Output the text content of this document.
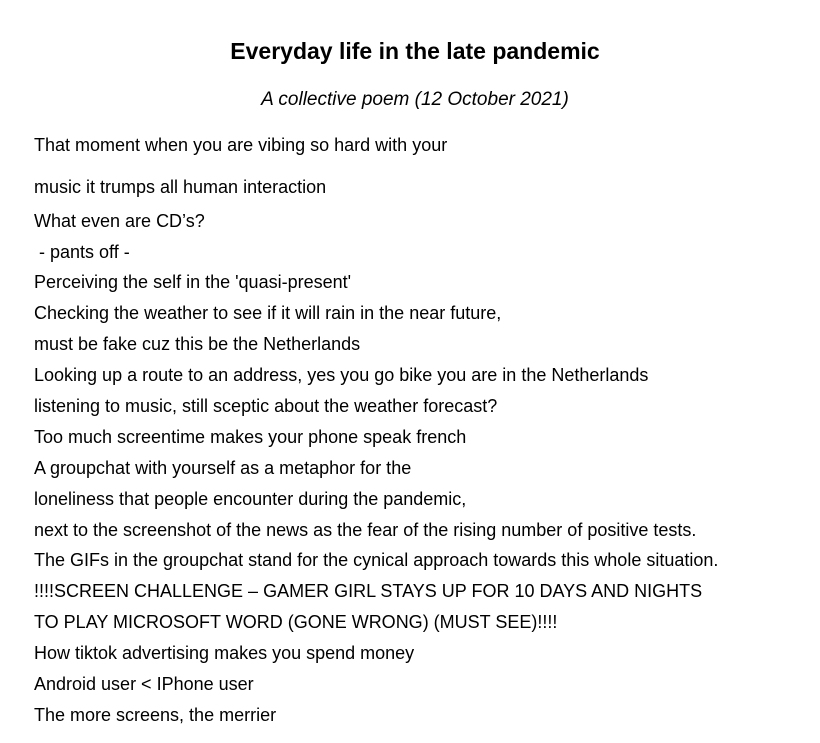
Everyday life in the late pandemic
A collective poem (12 October 2021)
That moment when you are vibing so hard with your
music it trumps all human interaction
What even are CD’s?
- pants off -
Perceiving the self in the 'quasi-present'
Checking the weather to see if it will rain in the near future,
must be fake cuz this be the Netherlands
Looking up a route to an address, yes you go bike you are in the Netherlands
listening to music, still sceptic about the weather forecast?
Too much screentime makes your phone speak french
A groupchat with yourself as a metaphor for the
loneliness that people encounter during the pandemic,
next to the screenshot of the news as the fear of the rising number of positive tests.
The GIFs in the groupchat stand for the cynical approach towards this whole situation.
!!!!SCREEN CHALLENGE – GAMER GIRL STAYS UP FOR 10 DAYS AND NIGHTS
TO PLAY MICROSOFT WORD (GONE WRONG) (MUST SEE)!!!!
How tiktok advertising makes you spend money
Android user < IPhone user
The more screens, the merrier
